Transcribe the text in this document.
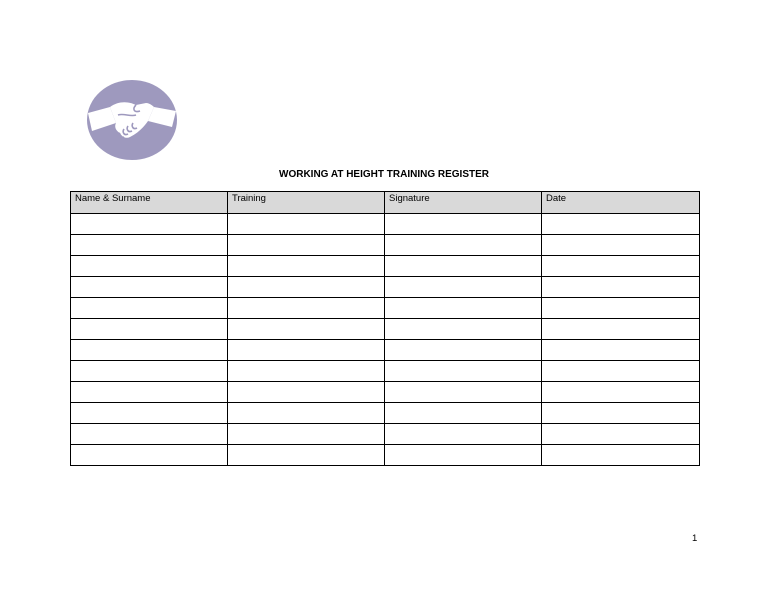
WORKING AT HEIGHT TRAINING REGISTER
Name & Surname	Training	Signature	Date

1
